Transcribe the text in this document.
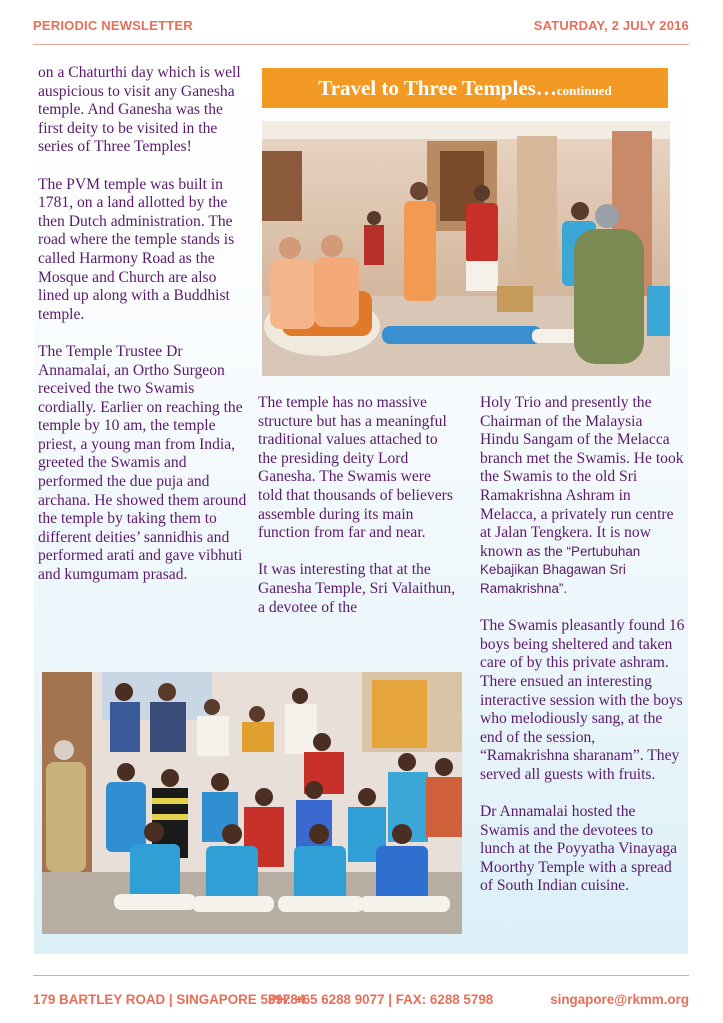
PERIODIC NEWSLETTER	SATURDAY, 2 JULY 2016

on a Chaturthi day which is well auspicious to visit any Ganesha temple. And Ganesha was the first deity to be visited in the series of Three Temples!

The PVM temple was built in 1781, on a land allotted by the then Dutch administration. The road where the temple stands is called Harmony Road as the Mosque and Church are also lined up along with a Buddhist temple.

The Temple Trustee Dr Annamalai, an Ortho Surgeon received the two Swamis cordially. Earlier on reaching the temple by 10 am, the temple priest, a young man from India, greeted the Swamis and performed the due puja and archana. He showed them around the temple by taking them to different deities’ sannidhis and performed arati and gave vibhuti and kumgumam prasad.

Travel to Three Temples…continued

The temple has no massive structure but has a meaningful traditional values attached to the presiding deity Lord Ganesha. The Swamis were told that thousands of believers assemble during its main function from far and near.

It was interesting that at the Ganesha Temple, Sri Valaithun, a devotee of the

Holy Trio and presently the Chairman of the Malaysia Hindu Sangam of the Melacca branch met the Swamis. He took the Swamis to the old Sri Ramakrishna Ashram in Melacca, a privately run centre at Jalan Tengkera. It is now known as the “Pertubuhan Kebajikan Bhagawan Sri Ramakrishna”.

The Swamis pleasantly found 16 boys being sheltered and taken care of by this private ashram. There ensued an interesting interactive session with the boys who melodiously sang, at the end of the session, “Ramakrishna sharanam”. They served all guests with fruits.

Dr Annamalai hosted the Swamis and the devotees to lunch at the Poyyatha Vinayaga Moorthy Temple with a spread of South Indian cuisine.

179 BARTLEY ROAD | SINGAPORE 539784
PH: +65 6288 9077 | FAX: 6288 5798	singapore@rkmm.org
